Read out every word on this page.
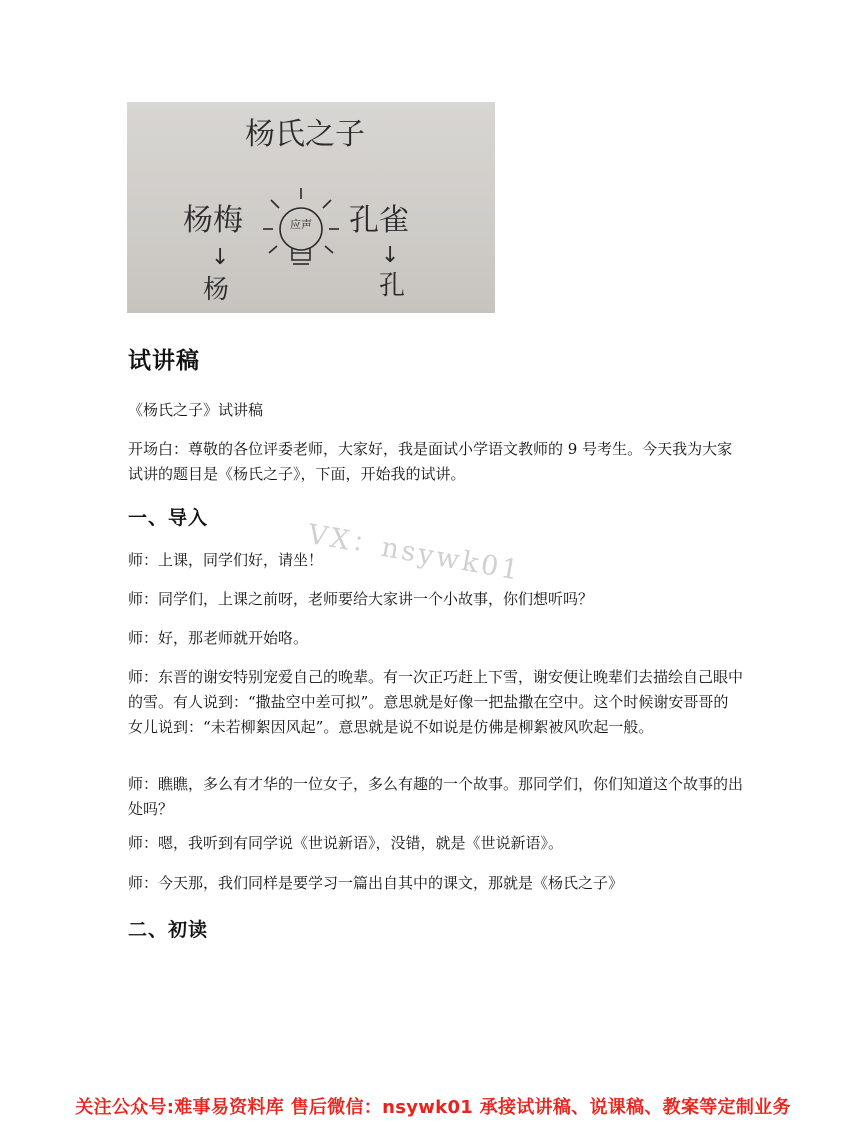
杨氏之子
杨梅	孔雀
应声
↓	↓
杨	孔
试讲稿
《杨氏之子》试讲稿
开场白：尊敬的各位评委老师，大家好，我是面试小学语文教师的 9 号考生。今天我为大家试讲的题目是《杨氏之子》，下面，开始我的试讲。
一、导入
VX：nsywk01
师：上课，同学们好，请坐！
师：同学们，上课之前呀，老师要给大家讲一个小故事，你们想听吗？
师：好，那老师就开始咯。
师：东晋的谢安特别宠爱自己的晚辈。有一次正巧赶上下雪，谢安便让晚辈们去描绘自己眼中的雪。有人说到：“撒盐空中差可拟”。意思就是好像一把盐撒在空中。这个时候谢安哥哥的女儿说到：“未若柳絮因风起”。意思就是说不如说是仿佛是柳絮被风吹起一般。
师：瞧瞧，多么有才华的一位女子，多么有趣的一个故事。那同学们，你们知道这个故事的出处吗？
师：嗯，我听到有同学说《世说新语》，没错，就是《世说新语》。
师：今天那，我们同样是要学习一篇出自其中的课文，那就是《杨氏之子》
二、初读
关注公众号:难事易资料库 售后微信：nsywk01 承接试讲稿、说课稿、教案等定制业务
